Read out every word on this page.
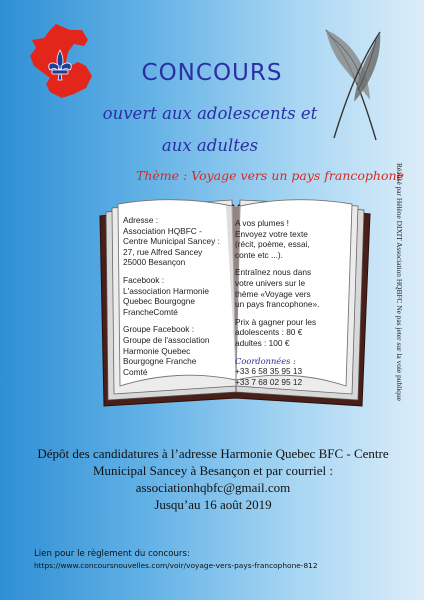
CONCOURS
ouvert aux adolescents et
aux adultes
Thème : Voyage vers un pays francophone
Réalisé par Hélène DIXIT Association HQBFC Ne pas jeter sur la voie publique

Adresse :
Association HQBFC -
Centre Municipal Sancey :
27, rue Alfred Sancey
25000 Besançon

Facebook :
L'association Harmonie
Quebec Bourgogne
FrancheComté

Groupe Facebook :
Groupe de l'association
Harmonie Quebec
Bourgogne Franche
Comté

A vos plumes !
Envoyez votre texte
(récit, poème, essai,
conte etc ...).

Entraînez nous dans
votre univers sur le
thème «Voyage vers
un pays francophone».

Prix à gagner pour les
adolescents : 80 €
adultes : 100 €

Coordonnées :
+33 6 58 35 95 13
+33 7 68 02 95 12

Dépôt des candidatures à l’adresse Harmonie Quebec BFC - Centre
Municipal Sancey à Besançon et par courriel :
associationhqbfc@gmail.com
Jusqu’au 16 août 2019
Lien pour le règlement du concours:
https://www.concoursnouvelles.com/voir/voyage-vers-pays-francophone-812
